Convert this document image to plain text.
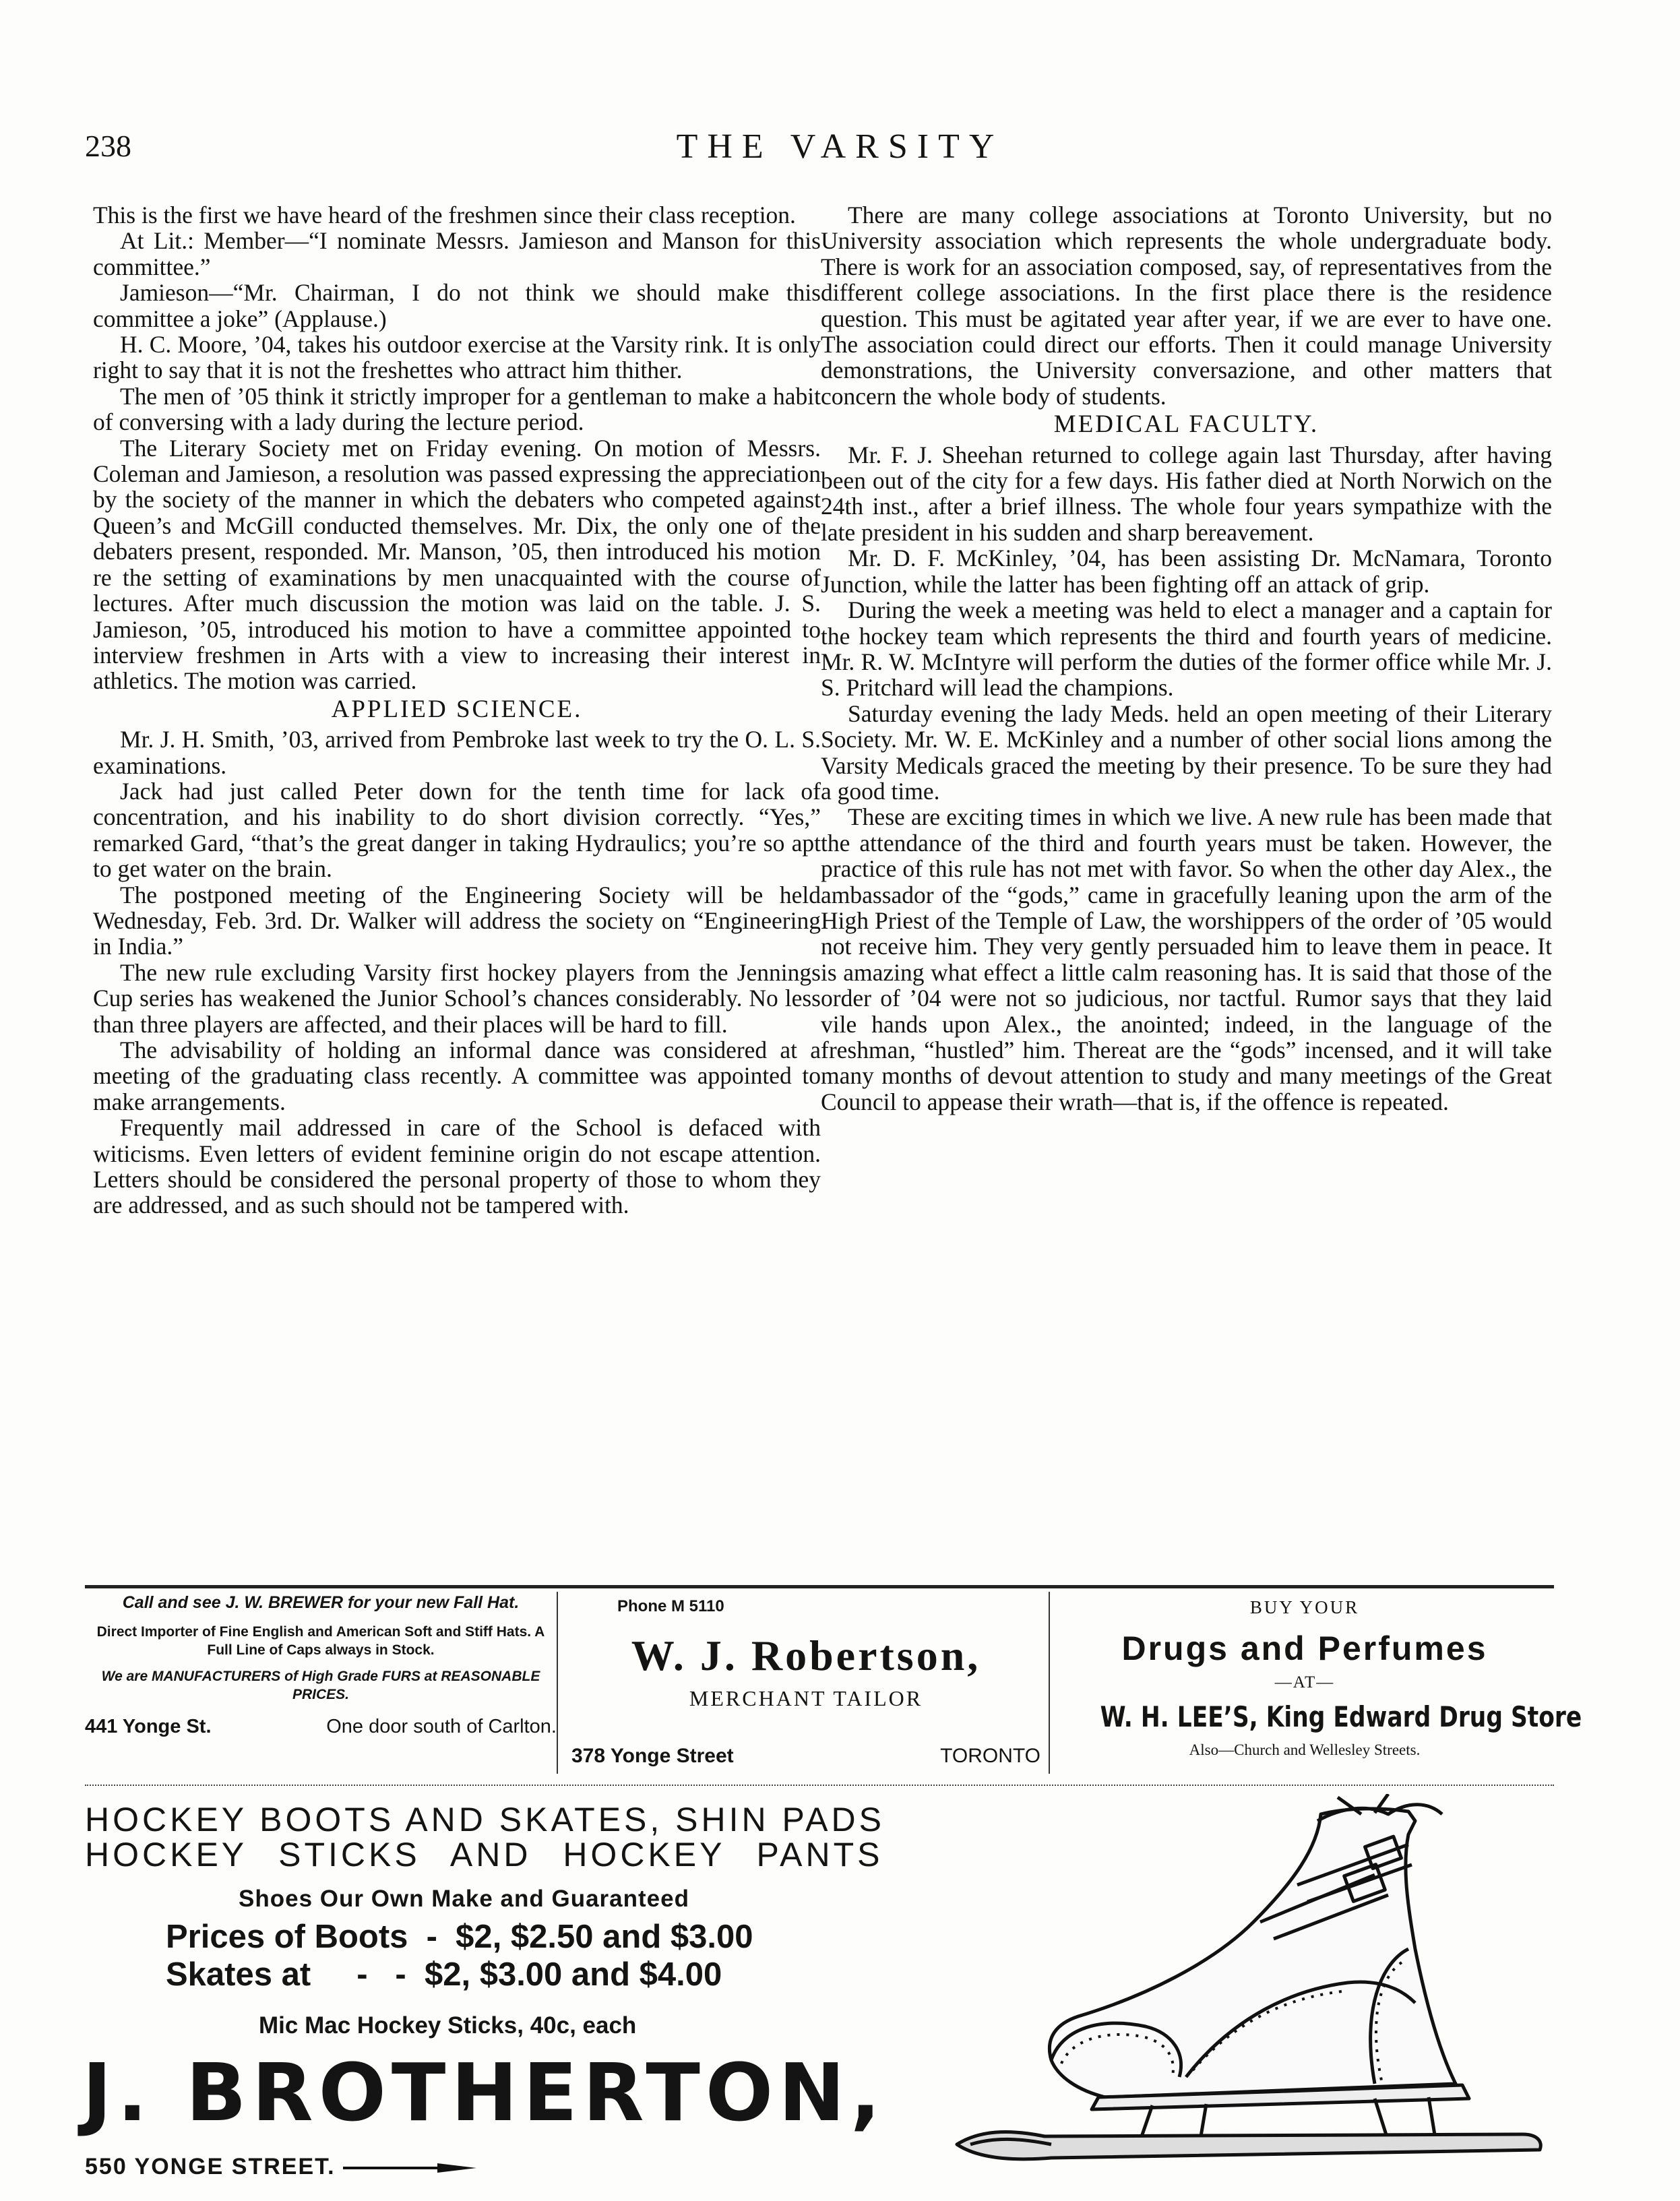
238	THE VARSITY

This is the first we have heard of the freshmen since their class reception.

At Lit.: Member—“I nominate Messrs. Jamieson and Manson for this committee.”

Jamieson—“Mr. Chairman, I do not think we should make this committee a joke” (Applause.)

H. C. Moore, ’04, takes his outdoor exercise at the Varsity rink. It is only right to say that it is not the freshettes who attract him thither.

The men of ’05 think it strictly improper for a gentleman to make a habit of conversing with a lady during the lecture period.

The Literary Society met on Friday evening. On motion of Messrs. Coleman and Jamieson, a resolution was passed expressing the appreciation by the society of the manner in which the debaters who competed against Queen’s and McGill conducted themselves. Mr. Dix, the only one of the debaters present, responded. Mr. Manson, ’05, then introduced his motion re the setting of examinations by men unacquainted with the course of lectures. After much discussion the motion was laid on the table. J. S. Jamieson, ’05, introduced his motion to have a committee appointed to interview freshmen in Arts with a view to increasing their interest in athletics. The motion was carried.

APPLIED SCIENCE.

Mr. J. H. Smith, ’03, arrived from Pembroke last week to try the O. L. S. examinations.

Jack had just called Peter down for the tenth time for lack of concentration, and his inability to do short division correctly. “Yes,” remarked Gard, “that’s the great danger in taking Hydraulics; you’re so apt to get water on the brain.

The postponed meeting of the Engineering Society will be held Wednesday, Feb. 3rd. Dr. Walker will address the society on “Engineering in India.”

The new rule excluding Varsity first hockey players from the Jennings Cup series has weakened the Junior School’s chances considerably. No less than three players are affected, and their places will be hard to fill.

The advisability of holding an informal dance was considered at a meeting of the graduating class recently. A committee was appointed to make arrangements.

Frequently mail addressed in care of the School is defaced with witicisms. Even letters of evident feminine origin do not escape attention. Letters should be considered the personal property of those to whom they are addressed, and as such should not be tampered with.

There are many college associations at Toronto University, but no University association which represents the whole undergraduate body. There is work for an association composed, say, of representatives from the different college associations. In the first place there is the residence question. This must be agitated year after year, if we are ever to have one. The association could direct our efforts. Then it could manage University demonstrations, the University conversazione, and other matters that concern the whole body of students.

MEDICAL FACULTY.

Mr. F. J. Sheehan returned to college again last Thursday, after having been out of the city for a few days. His father died at North Norwich on the 24th inst., after a brief illness. The whole four years sympathize with the late president in his sudden and sharp bereavement.

Mr. D. F. McKinley, ’04, has been assisting Dr. McNamara, Toronto Junction, while the latter has been fighting off an attack of grip.

During the week a meeting was held to elect a manager and a captain for the hockey team which represents the third and fourth years of medicine. Mr. R. W. McIntyre will perform the duties of the former office while Mr. J. S. Pritchard will lead the champions.

Saturday evening the lady Meds. held an open meeting of their Literary Society. Mr. W. E. McKinley and a number of other social lions among the Varsity Medicals graced the meeting by their presence. To be sure they had a good time.

These are exciting times in which we live. A new rule has been made that the attendance of the third and fourth years must be taken. However, the practice of this rule has not met with favor. So when the other day Alex., the ambassador of the “gods,” came in gracefully leaning upon the arm of the High Priest of the Temple of Law, the worshippers of the order of ’05 would not receive him. They very gently persuaded him to leave them in peace. It is amazing what effect a little calm reasoning has. It is said that those of the order of ’04 were not so judicious, nor tactful. Rumor says that they laid vile hands upon Alex., the anointed; indeed, in the language of the freshman, “hustled” him. Thereat are the “gods” incensed, and it will take many months of devout attention to study and many meetings of the Great Council to appease their wrath—that is, if the offence is repeated.

Call and see J. W. BREWER for your new Fall Hat.
Direct Importer of Fine English and American Soft and Stiff Hats. A Full Line of Caps always in Stock.
We are MANUFACTURERS of High Grade FURS at REASONABLE PRICES.
441 Yonge St.	One door south of Carlton.
Phone M 5110
W. J. Robertson,
MERCHANT TAILOR
378 Yonge Street	TORONTO
BUY YOUR
Drugs and Perfumes
—AT—
W. H. LEE’S, King Edward Drug Store
Also—Church and Wellesley Streets.
HOCKEY BOOTS AND SKATES, SHIN PADS
HOCKEY STICKS AND HOCKEY PANTS
Shoes Our Own Make and Guaranteed
Prices of Boots  -  $2, $2.50 and $3.00
Skates at     -   -  $2, $3.00 and $4.00
Mic Mac Hockey Sticks, 40c, each
J. BROTHERTON,
550 YONGE STREET.
